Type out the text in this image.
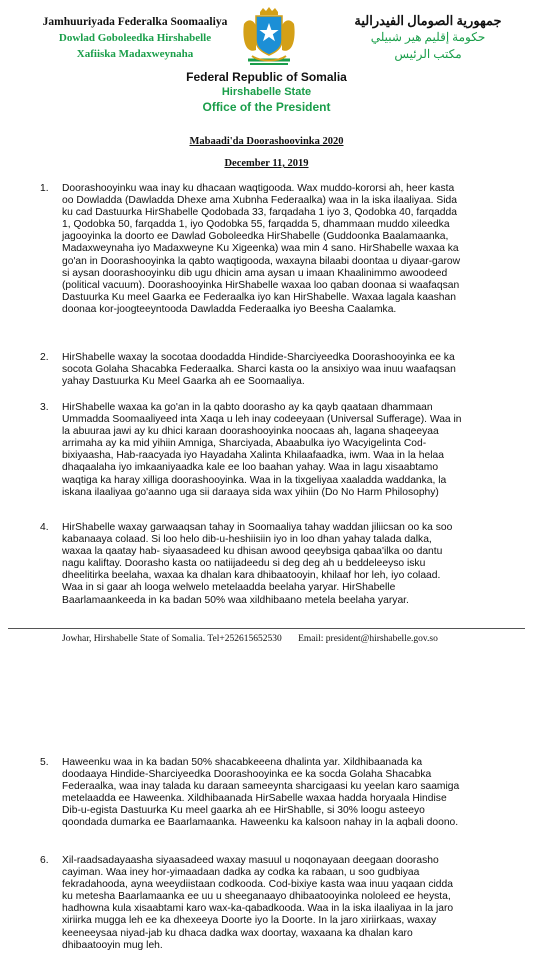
Jamhuuriyada Federalka Soomaaliya
Dowlad Goboleedka Hirshabelle
Xafiiska Madaxweynaha
جمهورية الصومال الفيدرالية
حكومة إقليم هير شبيلي
مكتب الرئيس
Federal Republic of Somalia
Hirshabelle State
Office of the President
Mabaadi'da Doorashoovinka 2020
December 11, 2019
1. Doorashooyinku waa inay ku dhacaan waqtigooda. Wax muddo-kororsi ah, heer kasta oo Dowladda (Dawladda Dhexe ama Xubnha Federaalka) waa in la iska ilaaliyaa. Sida ku cad Dastuurka HirShabelle Qodobada 33, farqadaha 1 iyo 3, Qodobka 40, farqadda 1, Qodobka 50, farqadda 1, iyo Qodobka 55, farqadda 5, dhammaan muddo xileedka jagooyinka la doorto ee Dawlad Goboleedka HirShabelle (Guddoonka Baalamaanka, Madaxweynaha iyo Madaxweyne Ku Xigeenka) waa min 4 sano. HirShabelle waxaa ka go'an in Doorashooyinka la qabto waqtigooda, waxayna bilaabi doontaa u diyaar-garow si aysan doorashooyinku dib ugu dhicin ama aysan u imaan Khaalinimmo awoodeed (political vacuum). Doorashooyinka HirShabelle waxaa loo qaban doonaa si waafaqsan Dastuurka Ku meel Gaarka ee Federaalka iyo kan HirShabelle. Waxaa lagala kaashan doonaa kor-joogteeyntooda Dawladda Federaalka iyo Beesha Caalamka.

2. HirShabelle waxay la socotaa doodadda Hindide-Sharciyeedka Doorashooyinka ee ka socota Golaha Shacabka Federaalka. Sharci kasta oo la ansixiyo waa inuu waafaqsan yahay Dastuurka Ku Meel Gaarka ah ee Soomaaliya.

3. HirShabelle waxaa ka go'an in la qabto doorasho ay ka qayb qaataan dhammaan Ummadda Soomaaliyeed inta Xaqa u leh inay codeeyaan (Universal Sufferage). Waa in la abuuraa jawi ay ku dhici karaan doorashooyinka noocaas ah, lagana shaqeeyaa arrimaha ay ka mid yihiin Amniga, Sharciyada, Abaabulka iyo Wacyigelinta Cod-bixiyaasha, Hab-raacyada iyo Hayadaha Xalinta Khilaafaadka, iwm. Waa in la helaa dhaqaalaha iyo imkaaniyaadka kale ee loo baahan yahay. Waa in lagu xisaabtamo waqtiga ka haray xilliga doorashooyinka. Waa in la tixgeliyaa xaaladda waddanka, la iskana ilaaliyaa go'aanno uga sii daraaya sida wax yihiin (Do No Harm Philosophy)

4. HirShabelle waxay garwaaqsan tahay in Soomaaliya tahay waddan jiliicsan oo ka soo kabanaaya colaad. Si loo helo dib-u-heshiisiin iyo in loo dhan yahay talada dalka, waxaa la qaatay hab- siyaasadeed ku dhisan awood qeeybsiga qabaa'ilka oo dantu nagu kaliftay. Doorasho kasta oo natiijadeedu si deg deg ah u beddeleeyso isku dheelitirka beelaha, waxaa ka dhalan kara dhibaatooyin, khilaaf hor leh, iyo colaad. Waa in si gaar ah looga welwelo metelaadda beelaha yaryar. HirShabelle Baarlamaankeeda in ka badan 50% waa xildhibaano metela beelaha yaryar.

Jowhar, Hirshabelle State of Somalia. Tel+252615652530 Email: president@hirshabelle.gov.so
5. Haweenku waa in ka badan 50% shacabkeeena dhalinta yar. Xildhibaanada ka doodaaya Hindide-Sharciyeedka Doorashooyinka ee ka socda Golaha Shacabka Federaalka, waa inay talada ku daraan sameeynta sharcigaasi ku yeelan karo saamiga metelaadda ee Haweenka. Xildhibaanada HirSabelle waxaa hadda horyaala Hindise Dib-u-egista Dastuurka Ku meel gaarka ah ee HirShablle, si 30% loogu asteeyo qoondada dumarka ee Baarlamaanka. Haweenku ka kalsoon nahay in la aqbali doono.

6. Xil-raadsadayaasha siyaasadeed waxay masuul u noqonayaan deegaan doorasho cayiman. Waa iney hor-yimaadaan dadka ay codka ka rabaan, u soo gudbiyaa fekradahooda, ayna weeydiistaan codkooda. Cod-bixiye kasta waa inuu yaqaan cidda ku metesha Baarlamaanka ee uu u sheeganaayo dhibaatooyinka nololeed ee heysta, hadhowna kula xisaabtami karo wax-ka-qabadkooda. Waa in la iska ilaaliyaa in la jaro xiriirka mugga leh ee ka dhexeeya Doorte iyo la Doorte. In la jaro xiriirkaas, waxay keeneeysaa niyad-jab ku dhaca dadka wax doortay, waxaana ka dhalan karo dhibaatooyin mug leh.
